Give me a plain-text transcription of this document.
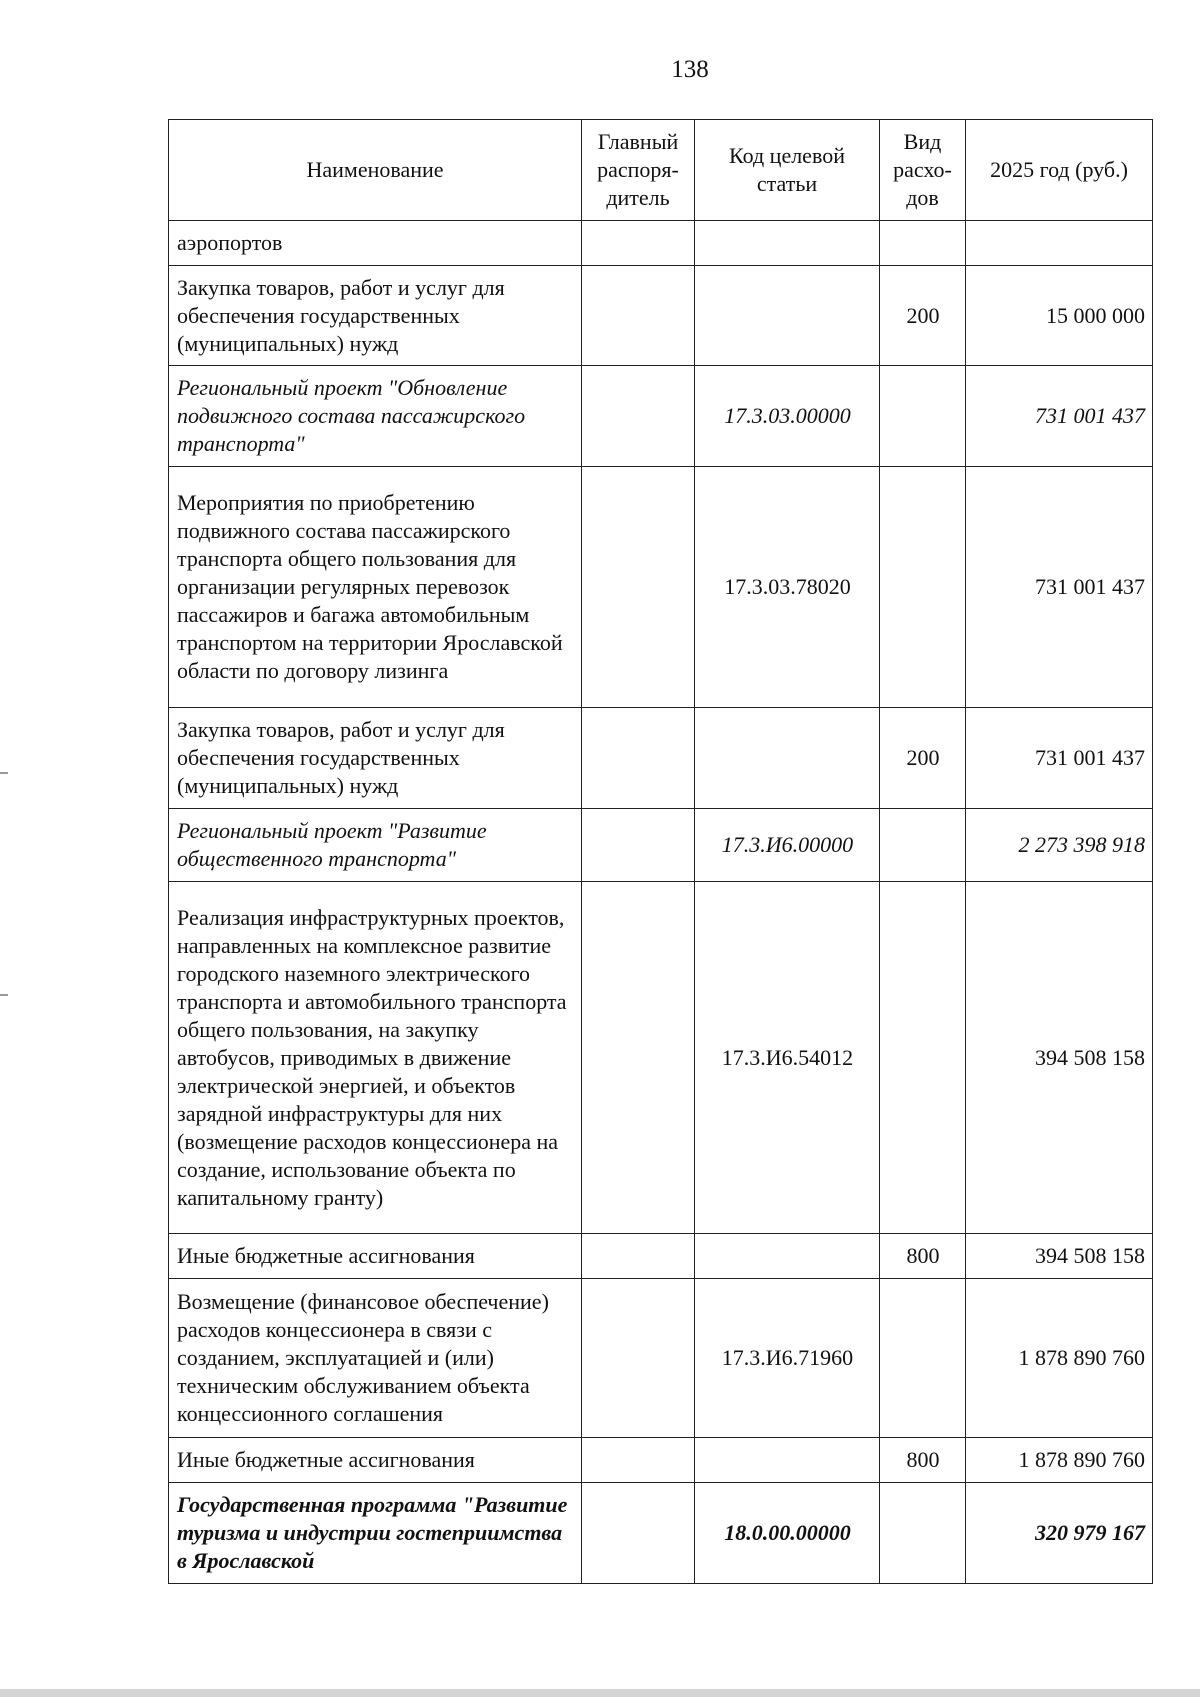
138
Наименование	Главный распоря-дитель	Код целевой статьи	Вид расхо-дов	2025 год (руб.)
аэропортов				
Закупка товаров, работ и услуг для обеспечения государственных (муниципальных) нужд			200	15 000 000
Региональный проект "Обновление подвижного состава пассажирского транспорта"		17.3.03.00000		731 001 437
Мероприятия по приобретению подвижного состава пассажирского транспорта общего пользования для организации регулярных перевозок пассажиров и багажа автомобильным транспортом на территории Ярославской области по договору лизинга		17.3.03.78020		731 001 437
Закупка товаров, работ и услуг для обеспечения государственных (муниципальных) нужд			200	731 001 437
Региональный проект "Развитие общественного транспорта"		17.3.И6.00000		2 273 398 918
Реализация инфраструктурных проектов, направленных на комплексное развитие городского наземного электрического транспорта и автомобильного транспорта общего пользования, на закупку автобусов, приводимых в движение электрической энергией, и объектов зарядной инфраструктуры для них (возмещение расходов концессионера на создание, использование объекта по капитальному гранту)		17.3.И6.54012		394 508 158
Иные бюджетные ассигнования			800	394 508 158
Возмещение (финансовое обеспечение) расходов концессионера в связи с созданием, эксплуатацией и (или) техническим обслуживанием объекта концессионного соглашения		17.3.И6.71960		1 878 890 760
Иные бюджетные ассигнования			800	1 878 890 760
Государственная программа "Развитие туризма и индустрии гостеприимства в Ярославской		18.0.00.00000		320 979 167
